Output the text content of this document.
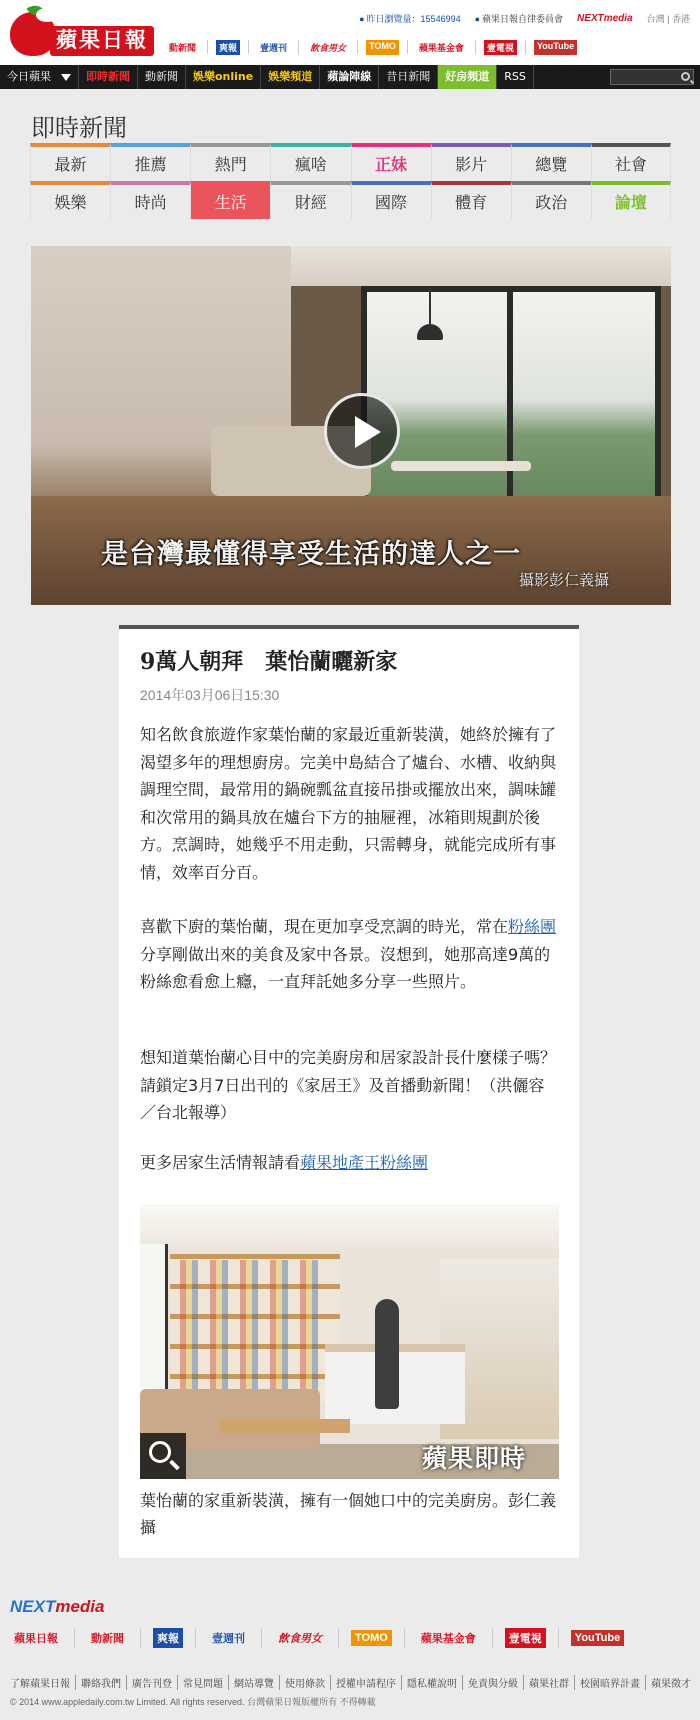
蘋果日報
● 昨日瀏覽量：15546994 ● 蘋果日報自律委員會 NEXTmedia 台灣 | 香港
動新聞	爽報	壹週刊	飲食男女	TOMO	蘋果基金會	壹電視	YouTube
今日蘋果	即時新聞	動新聞	娛樂online	娛樂頻道	蘋論陣線	昔日新聞	好房頻道	RSS
即時新聞
最新	推薦	熱門	瘋啥	正妹	影片	總覽	社會
娛樂	時尚	生活	財經	國際	體育	政治	論壇
是台灣最懂得享受生活的達人之一
攝影彭仁義攝
9萬人朝拜　葉怡蘭曬新家
2014年03月06日15:30

知名飲食旅遊作家葉怡蘭的家最近重新裝潢，她終於擁有了渴望多年的理想廚房。完美中島結合了爐台、水槽、收納與調理空間，最常用的鍋碗瓢盆直接吊掛或擺放出來，調味罐和次常用的鍋具放在爐台下方的抽屜裡，冰箱則規劃於後方。烹調時，她幾乎不用走動，只需轉身，就能完成所有事情，效率百分百。

喜歡下廚的葉怡蘭，現在更加享受烹調的時光，常在粉絲團分享剛做出來的美食及家中各景。沒想到，她那高達9萬的粉絲愈看愈上癮，一直拜託她多分享一些照片。

想知道葉怡蘭心目中的完美廚房和居家設計長什麼樣子嗎？請鎖定3月7日出刊的《家居王》及首播動新聞！（洪儷容／台北報導）

更多居家生活情報請看蘋果地產王粉絲團

蘋果即時

葉怡蘭的家重新裝潢，擁有一個她口中的完美廚房。彭仁義攝

NEXTmedia
蘋果日報	動新聞	爽報	壹週刊	飲食男女	TOMO	蘋果基金會	壹電視	YouTube
了解蘋果日報	聯絡我們	廣告刊登	常見問題	網站導覽	使用條款	授權申請程序	隱私權說明	免責與分級	蘋果社群	校園暗界計畫	蘋果徵才
© 2014 www.appledaily.com.tw Limited. All rights reserved. 台灣蘋果日報版權所有 不得轉載
